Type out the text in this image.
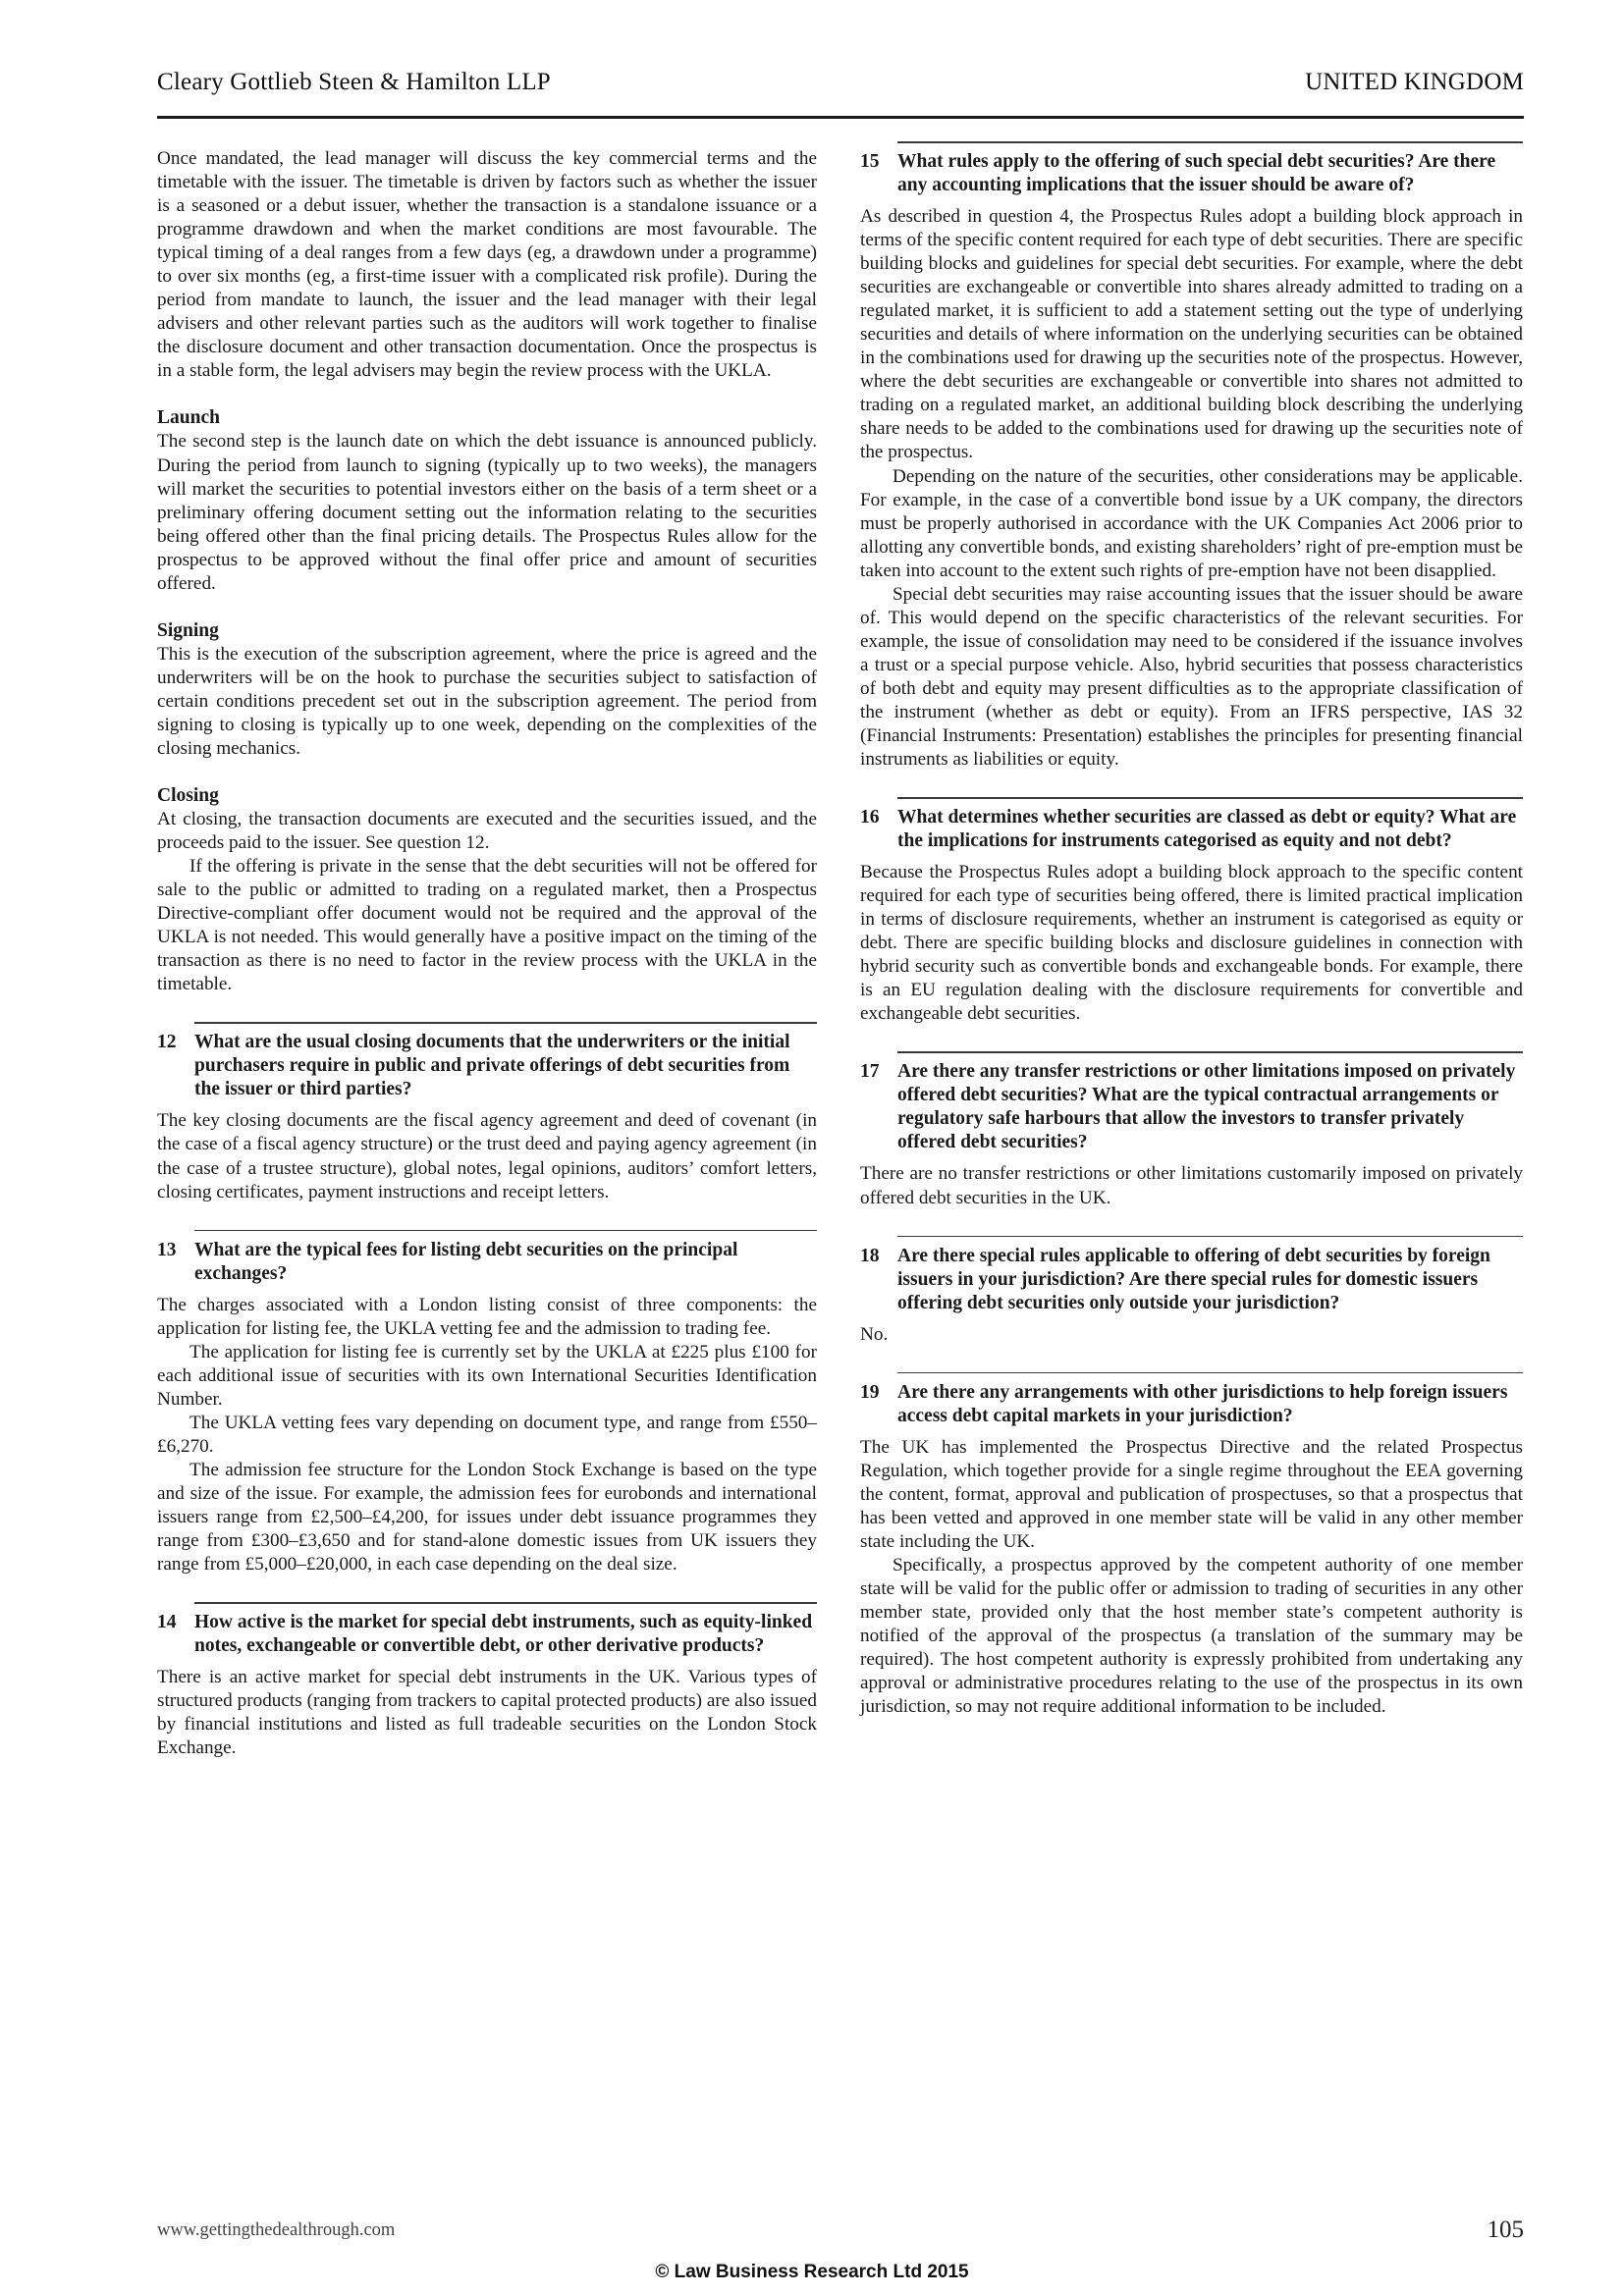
Cleary Gottlieb Steen & Hamilton LLP	UNITED KINGDOM

Once mandated, the lead manager will discuss the key commercial terms and the timetable with the issuer. The timetable is driven by factors such as whether the issuer is a seasoned or a debut issuer, whether the transaction is a standalone issuance or a programme drawdown and when the market conditions are most favourable. The typical timing of a deal ranges from a few days (eg, a drawdown under a programme) to over six months (eg, a first-time issuer with a complicated risk profile). During the period from mandate to launch, the issuer and the lead manager with their legal advisers and other relevant parties such as the auditors will work together to finalise the disclosure document and other transaction documentation. Once the prospectus is in a stable form, the legal advisers may begin the review process with the UKLA.

Launch

The second step is the launch date on which the debt issuance is announced publicly. During the period from launch to signing (typically up to two weeks), the managers will market the securities to potential investors either on the basis of a term sheet or a preliminary offering document setting out the information relating to the securities being offered other than the final pricing details. The Prospectus Rules allow for the prospectus to be approved without the final offer price and amount of securities offered.

Signing

This is the execution of the subscription agreement, where the price is agreed and the underwriters will be on the hook to purchase the securities subject to satisfaction of certain conditions precedent set out in the subscription agreement. The period from signing to closing is typically up to one week, depending on the complexities of the closing mechanics.

Closing

At closing, the transaction documents are executed and the securities issued, and the proceeds paid to the issuer. See question 12.

If the offering is private in the sense that the debt securities will not be offered for sale to the public or admitted to trading on a regulated market, then a Prospectus Directive-compliant offer document would not be required and the approval of the UKLA is not needed. This would generally have a positive impact on the timing of the transaction as there is no need to factor in the review process with the UKLA in the timetable.

12 What are the usual closing documents that the underwriters or the initial purchasers require in public and private offerings of debt securities from the issuer or third parties?

The key closing documents are the fiscal agency agreement and deed of covenant (in the case of a fiscal agency structure) or the trust deed and paying agency agreement (in the case of a trustee structure), global notes, legal opinions, auditors’ comfort letters, closing certificates, payment instructions and receipt letters.

13 What are the typical fees for listing debt securities on the principal exchanges?

The charges associated with a London listing consist of three components: the application for listing fee, the UKLA vetting fee and the admission to trading fee.

The application for listing fee is currently set by the UKLA at £225 plus £100 for each additional issue of securities with its own International Securities Identification Number.

The UKLA vetting fees vary depending on document type, and range from £550–£6,270.

The admission fee structure for the London Stock Exchange is based on the type and size of the issue. For example, the admission fees for eurobonds and international issuers range from £2,500–£4,200, for issues under debt issuance programmes they range from £300–£3,650 and for stand-alone domestic issues from UK issuers they range from £5,000–£20,000, in each case depending on the deal size.

14 How active is the market for special debt instruments, such as equity-linked notes, exchangeable or convertible debt, or other derivative products?

There is an active market for special debt instruments in the UK. Various types of structured products (ranging from trackers to capital protected products) are also issued by financial institutions and listed as full tradeable securities on the London Stock Exchange.

15 What rules apply to the offering of such special debt securities? Are there any accounting implications that the issuer should be aware of?

As described in question 4, the Prospectus Rules adopt a building block approach in terms of the specific content required for each type of debt securities. There are specific building blocks and guidelines for special debt securities. For example, where the debt securities are exchangeable or convertible into shares already admitted to trading on a regulated market, it is sufficient to add a statement setting out the type of underlying securities and details of where information on the underlying securities can be obtained in the combinations used for drawing up the securities note of the prospectus. However, where the debt securities are exchangeable or convertible into shares not admitted to trading on a regulated market, an additional building block describing the underlying share needs to be added to the combinations used for drawing up the securities note of the prospectus.

Depending on the nature of the securities, other considerations may be applicable. For example, in the case of a convertible bond issue by a UK company, the directors must be properly authorised in accordance with the UK Companies Act 2006 prior to allotting any convertible bonds, and existing shareholders’ right of pre-emption must be taken into account to the extent such rights of pre-emption have not been disapplied.

Special debt securities may raise accounting issues that the issuer should be aware of. This would depend on the specific characteristics of the relevant securities. For example, the issue of consolidation may need to be considered if the issuance involves a trust or a special purpose vehicle. Also, hybrid securities that possess characteristics of both debt and equity may present difficulties as to the appropriate classification of the instrument (whether as debt or equity). From an IFRS perspective, IAS 32 (Financial Instruments: Presentation) establishes the principles for presenting financial instruments as liabilities or equity.

16 What determines whether securities are classed as debt or equity? What are the implications for instruments categorised as equity and not debt?

Because the Prospectus Rules adopt a building block approach to the specific content required for each type of securities being offered, there is limited practical implication in terms of disclosure requirements, whether an instrument is categorised as equity or debt. There are specific building blocks and disclosure guidelines in connection with hybrid security such as convertible bonds and exchangeable bonds. For example, there is an EU regulation dealing with the disclosure requirements for convertible and exchangeable debt securities.

17 Are there any transfer restrictions or other limitations imposed on privately offered debt securities? What are the typical contractual arrangements or regulatory safe harbours that allow the investors to transfer privately offered debt securities?

There are no transfer restrictions or other limitations customarily imposed on privately offered debt securities in the UK.

18 Are there special rules applicable to offering of debt securities by foreign issuers in your jurisdiction? Are there special rules for domestic issuers offering debt securities only outside your jurisdiction?

No.

19 Are there any arrangements with other jurisdictions to help foreign issuers access debt capital markets in your jurisdiction?

The UK has implemented the Prospectus Directive and the related Prospectus Regulation, which together provide for a single regime throughout the EEA governing the content, format, approval and publication of prospectuses, so that a prospectus that has been vetted and approved in one member state will be valid in any other member state including the UK.

Specifically, a prospectus approved by the competent authority of one member state will be valid for the public offer or admission to trading of securities in any other member state, provided only that the host member state’s competent authority is notified of the approval of the prospectus (a translation of the summary may be required). The host competent authority is expressly prohibited from undertaking any approval or administrative procedures relating to the use of the prospectus in its own jurisdiction, so may not require additional information to be included.

www.gettingthedealthrough.com	105
© Law Business Research Ltd 2015
